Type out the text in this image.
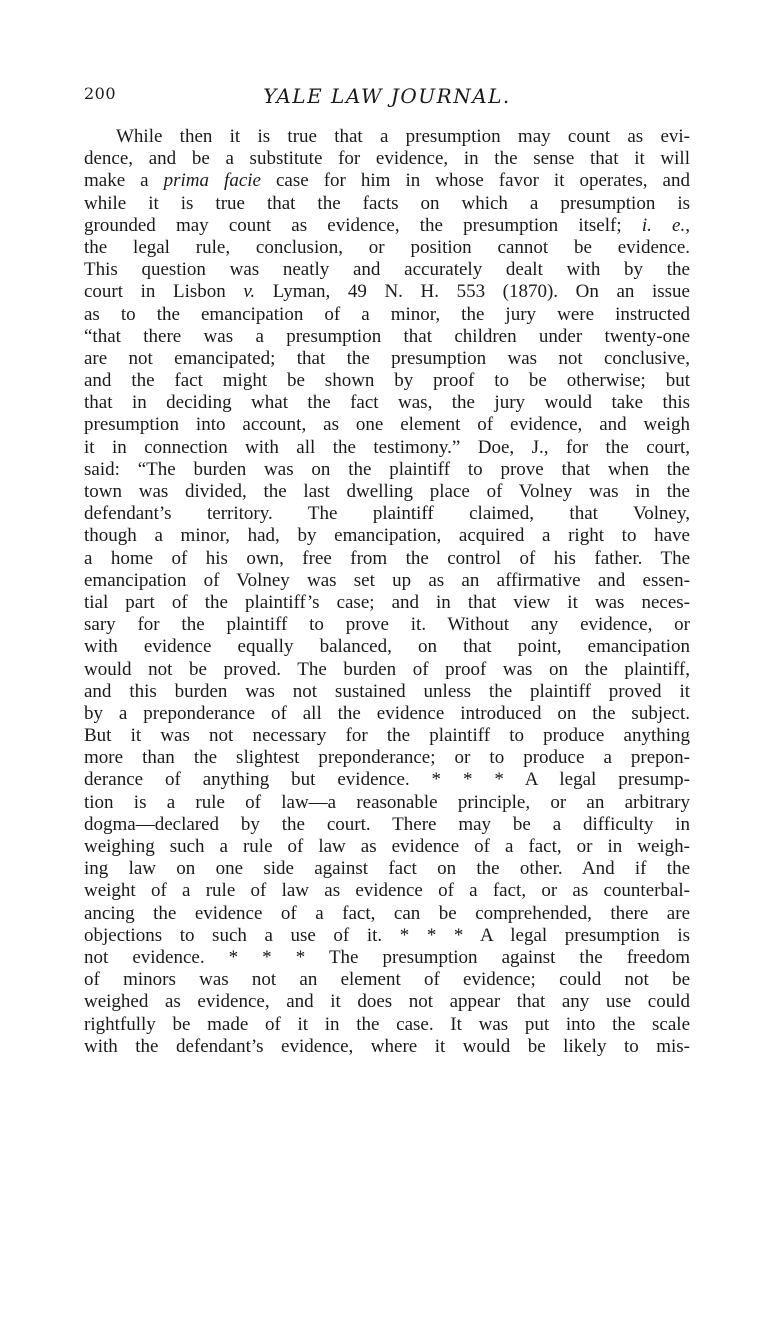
200	YALE LAW JOURNAL.
While then it is true that a presumption may count as evi-
dence, and be a substitute for evidence, in the sense that it will
make a prima facie case for him in whose favor it operates, and
while it is true that the facts on which a presumption is
grounded may count as evidence, the presumption itself; i. e.,
the legal rule, conclusion, or position cannot be evidence.
This question was neatly and accurately dealt with by the
court in Lisbon v. Lyman, 49 N. H. 553 (1870). On an issue
as to the emancipation of a minor, the jury were instructed
“that there was a presumption that children under twenty-one
are not emancipated; that the presumption was not conclusive,
and the fact might be shown by proof to be otherwise; but
that in deciding what the fact was, the jury would take this
presumption into account, as one element of evidence, and weigh
it in connection with all the testimony.” Doe, J., for the court,
said: “The burden was on the plaintiff to prove that when the
town was divided, the last dwelling place of Volney was in the
defendant’s territory. The plaintiff claimed, that Volney,
though a minor, had, by emancipation, acquired a right to have
a home of his own, free from the control of his father. The
emancipation of Volney was set up as an affirmative and essen-
tial part of the plaintiff’s case; and in that view it was neces-
sary for the plaintiff to prove it. Without any evidence, or
with evidence equally balanced, on that point, emancipation
would not be proved. The burden of proof was on the plaintiff,
and this burden was not sustained unless the plaintiff proved it
by a preponderance of all the evidence introduced on the subject.
But it was not necessary for the plaintiff to produce anything
more than the slightest preponderance; or to produce a prepon-
derance of anything but evidence. * * * A legal presump-
tion is a rule of law—a reasonable principle, or an arbitrary
dogma—declared by the court. There may be a difficulty in
weighing such a rule of law as evidence of a fact, or in weigh-
ing law on one side against fact on the other. And if the
weight of a rule of law as evidence of a fact, or as counterbal-
ancing the evidence of a fact, can be comprehended, there are
objections to such a use of it. * * * A legal presumption is
not evidence. * * * The presumption against the freedom
of minors was not an element of evidence; could not be
weighed as evidence, and it does not appear that any use could
rightfully be made of it in the case. It was put into the scale
with the defendant’s evidence, where it would be likely to mis-
